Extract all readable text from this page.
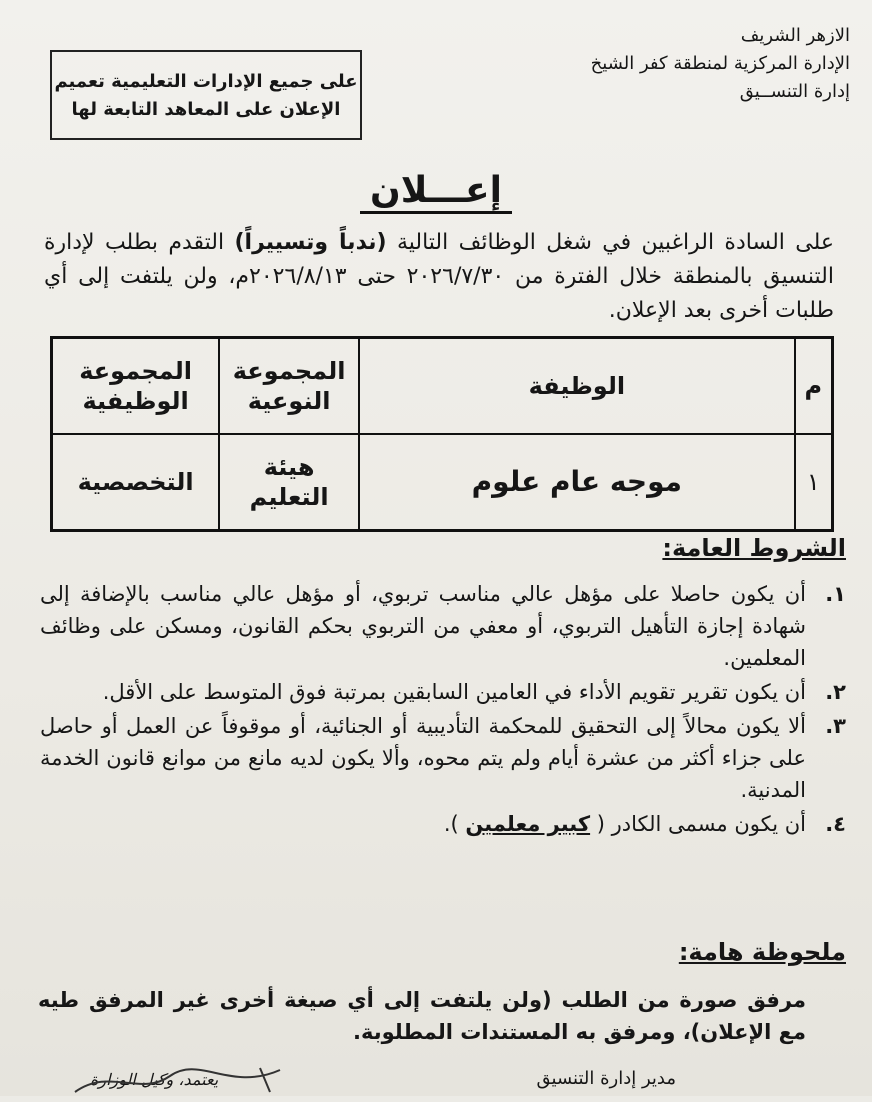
الازهر الشريف
الإدارة المركزية لمنطقة كفر الشيخ
إدارة التنســيق
على جميع الإدارات التعليمية تعميم
الإعلان على المعاهد التابعة لها
إعـــلان
على السادة الراغبين في شغل الوظائف التالية (ندباً وتسييراً) التقدم بطلب لإدارة التنسيق بالمنطقة خلال الفترة من ٢٠٢٦/٧/٣٠ حتى ٢٠٢٦/٨/١٣م، ولن يلتفت إلى أي طلبات أخرى بعد الإعلان.
م	الوظيفة	المجموعة النوعية	المجموعة الوظيفية
١	موجه عام علوم	هيئة التعليم	التخصصية
الشروط العامة:
١.
أن يكون حاصلا على مؤهل عالي مناسب تربوي، أو مؤهل عالي مناسب بالإضافة إلى شهادة إجازة التأهيل التربوي، أو معفي من التربوي بحكم القانون، ومسكن على وظائف المعلمين.
٢.
أن يكون تقرير تقويم الأداء في العامين السابقين بمرتبة فوق المتوسط على الأقل.
٣.
ألا يكون محالاً إلى التحقيق للمحكمة التأديبية أو الجنائية، أو موقوفاً عن العمل أو حاصل على جزاء أكثر من عشرة أيام ولم يتم محوه، وألا يكون لديه مانع من موانع قانون الخدمة المدنية.
٤.
أن يكون مسمى الكادر ( كبير معلمين ).
ملحوظة هامة:
مرفق صورة من الطلب (ولن يلتفت إلى أي صيغة أخرى غير المرفق طيه مع الإعلان)، ومرفق به المستندات المطلوبة.
مدير إدارة التنسيق
يعتمد، وكيل الوزارة
